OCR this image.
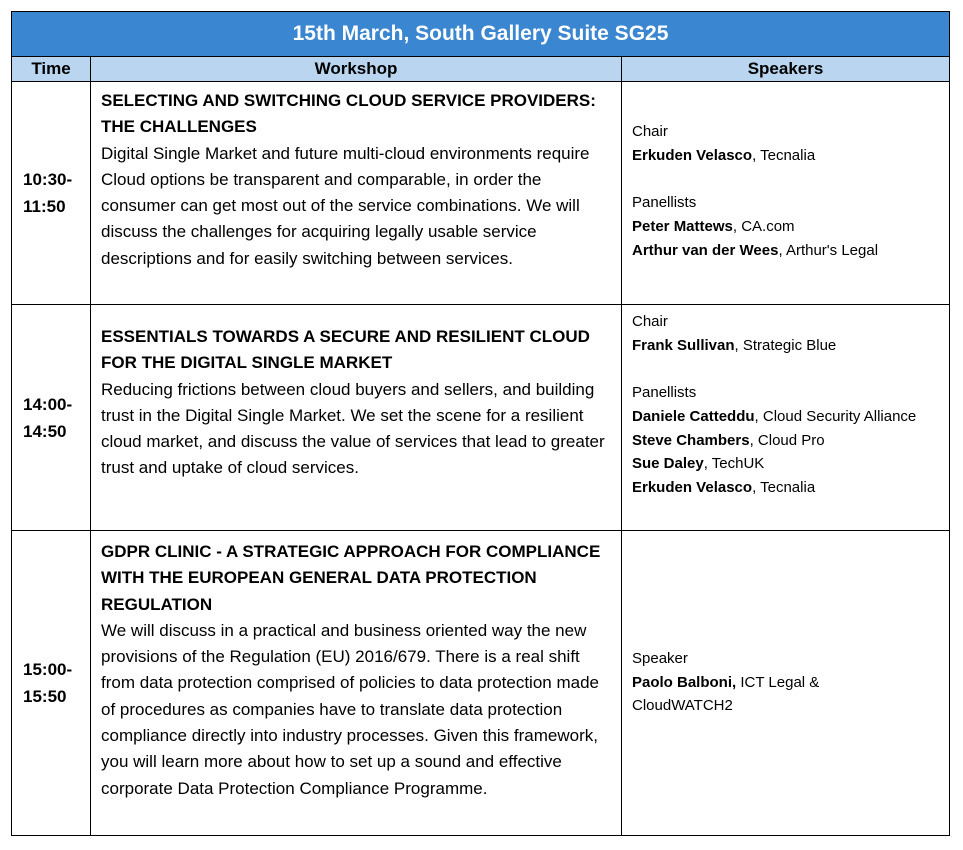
15th March, South Gallery Suite SG25
Time	Workshop	Speakers
10:30-
11:50
SELECTING AND SWITCHING CLOUD SERVICE PROVIDERS: THE CHALLENGES
Digital Single Market and future multi-cloud environments require Cloud options be transparent and comparable, in order the consumer can get most out of the service combinations. We will discuss the challenges for acquiring legally usable service descriptions and for easily switching between services.
Chair
Erkuden Velasco, Tecnalia
Panellists
Peter Mattews, CA.com
Arthur van der Wees, Arthur's Legal
14:00-
14:50
ESSENTIALS TOWARDS A SECURE AND RESILIENT CLOUD FOR THE DIGITAL SINGLE MARKET
Reducing frictions between cloud buyers and sellers, and building trust in the Digital Single Market. We set the scene for a resilient cloud market, and discuss the value of services that lead to greater trust and uptake of cloud services.
Chair
Frank Sullivan, Strategic Blue
Panellists
Daniele Catteddu, Cloud Security Alliance
Steve Chambers, Cloud Pro
Sue Daley, TechUK
Erkuden Velasco, Tecnalia
15:00-
15:50
GDPR CLINIC - A STRATEGIC APPROACH FOR COMPLIANCE WITH THE EUROPEAN GENERAL DATA PROTECTION REGULATION
We will discuss in a practical and business oriented way the new provisions of the Regulation (EU) 2016/679. There is a real shift from data protection comprised of policies to data protection made of procedures as companies have to translate data protection compliance directly into industry processes. Given this framework, you will learn more about how to set up a sound and effective corporate Data Protection Compliance Programme.
Speaker
Paolo Balboni, ICT Legal & CloudWATCH2
